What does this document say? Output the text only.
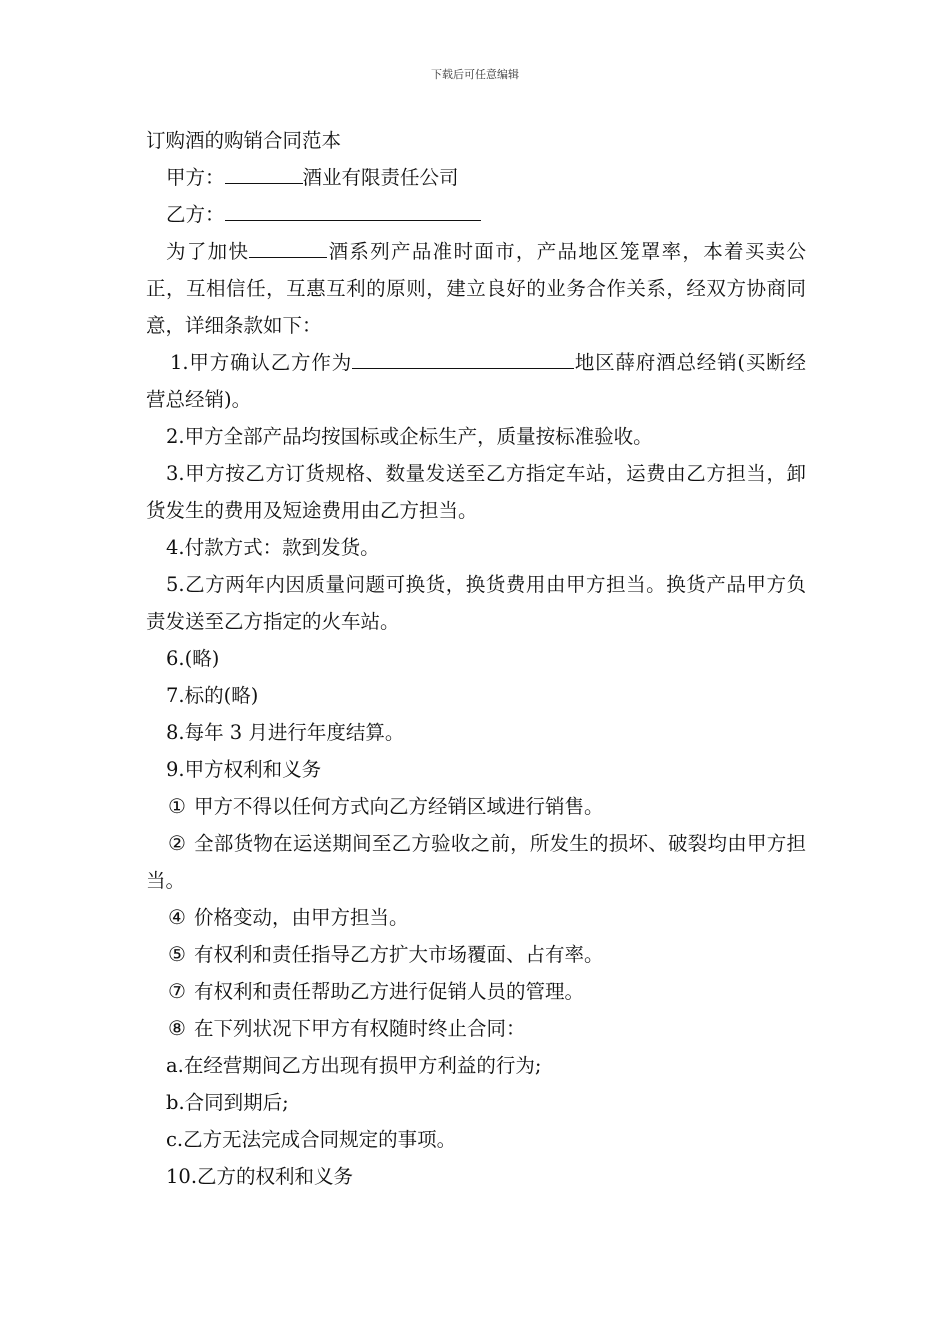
下载后可任意编辑

订购酒的购销合同范本

甲方：	酒业有限责任公司

乙方：

为了加快	酒系列产品准时面市，产品地区笼罩率，本着买卖公正，互相信任，互惠互利的原则，建立良好的业务合作关系，经双方协商同意，详细条款如下：

1.甲方确认乙方作为	地区薛府酒总经销(买断经营总经销)。

2.甲方全部产品均按国标或企标生产，质量按标准验收。

3.甲方按乙方订货规格、数量发送至乙方指定车站，运费由乙方担当，卸货发生的费用及短途费用由乙方担当。

4.付款方式：款到发货。

5.乙方两年内因质量问题可换货，换货费用由甲方担当。换货产品甲方负责发送至乙方指定的火车站。

6.(略)

7.标的(略)

8.每年 3 月进行年度结算。

9.甲方权利和义务

① 甲方不得以任何方式向乙方经销区域进行销售。

② 全部货物在运送期间至乙方验收之前，所发生的损坏、破裂均由甲方担当。

④ 价格变动，由甲方担当。

⑤ 有权利和责任指导乙方扩大市场覆面、占有率。

⑦ 有权利和责任帮助乙方进行促销人员的管理。

⑧ 在下列状况下甲方有权随时终止合同：

a.在经营期间乙方出现有损甲方利益的行为;

b.合同到期后;

c.乙方无法完成合同规定的事项。

10.乙方的权利和义务
